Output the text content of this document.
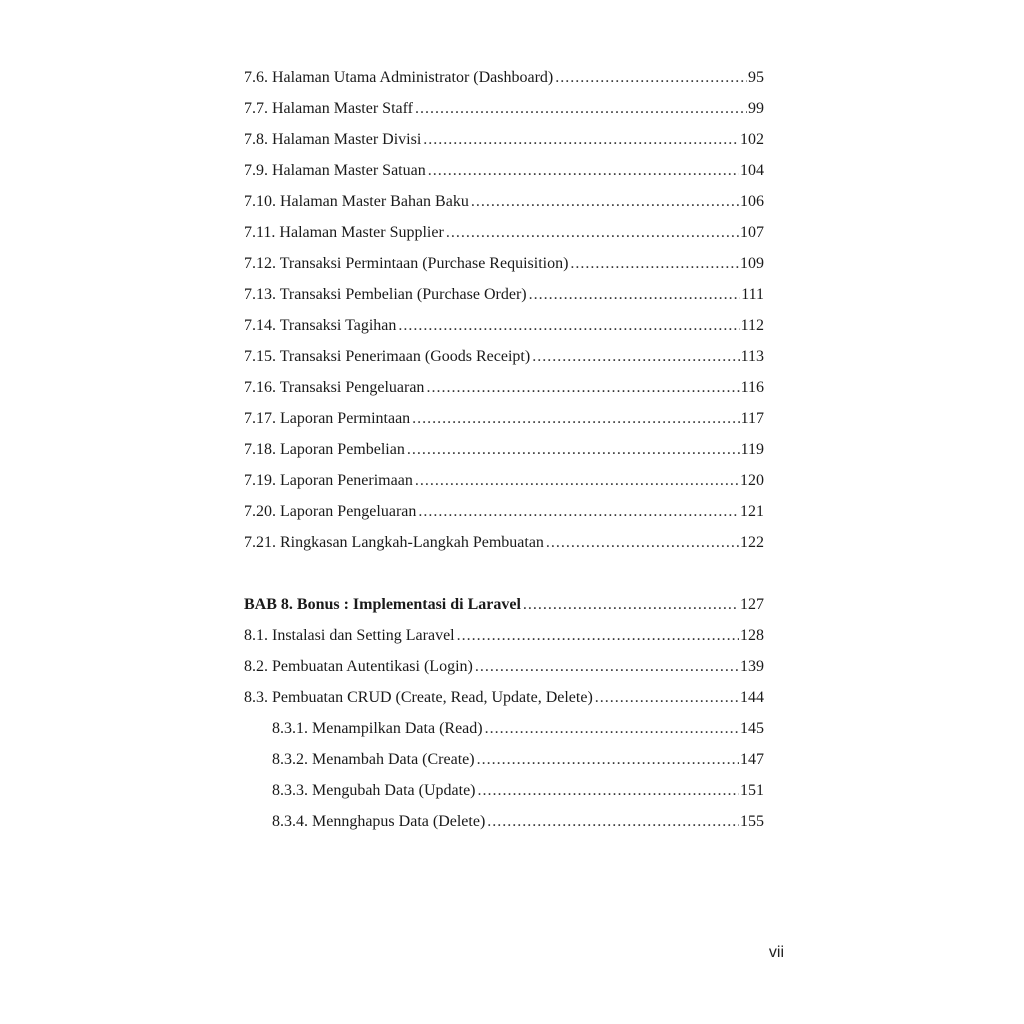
7.6. Halaman Utama Administrator (Dashboard) .....	95
7.7. Halaman Master Staff .....	99
7.8. Halaman Master Divisi .....	102
7.9. Halaman Master Satuan .....	104
7.10. Halaman Master Bahan Baku .....	106
7.11. Halaman Master Supplier .....	107
7.12. Transaksi Permintaan (Purchase Requisition) .....	109
7.13. Transaksi Pembelian (Purchase Order) .....	111
7.14. Transaksi Tagihan .....	112
7.15. Transaksi Penerimaan (Goods Receipt) .....	113
7.16. Transaksi Pengeluaran .....	116
7.17. Laporan Permintaan .....	117
7.18. Laporan Pembelian .....	119
7.19. Laporan Penerimaan .....	120
7.20. Laporan Pengeluaran .....	121
7.21. Ringkasan Langkah-Langkah Pembuatan .....	122
BAB 8. Bonus : Implementasi di Laravel .....	127
8.1. Instalasi dan Setting Laravel .....	128
8.2. Pembuatan Autentikasi (Login) .....	139
8.3. Pembuatan CRUD (Create, Read, Update, Delete) .....	144
8.3.1. Menampilkan Data (Read) .....	145
8.3.2. Menambah Data (Create) .....	147
8.3.3. Mengubah Data (Update) .....	151
8.3.4. Mennghapus Data (Delete) .....	155
vii
